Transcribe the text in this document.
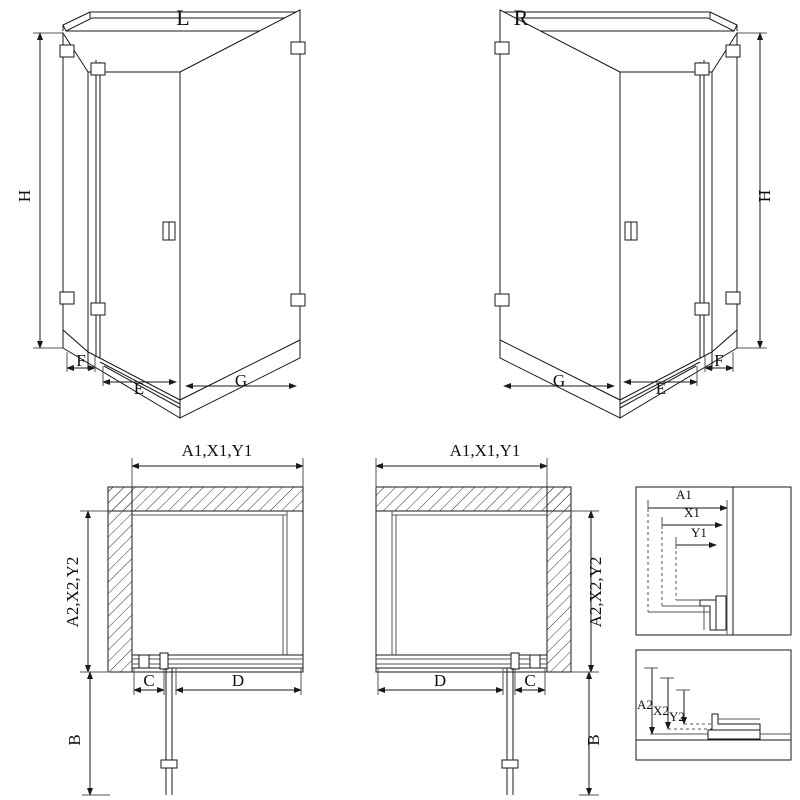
L	R
H	H
F
E	G
F
E
G
A1,X1,Y1
A2,X2,Y2
C	D
B
A1,X1,Y1
A2,X2,Y2
D	C
B
A1
X1
Y1
A2 X2 Y2
